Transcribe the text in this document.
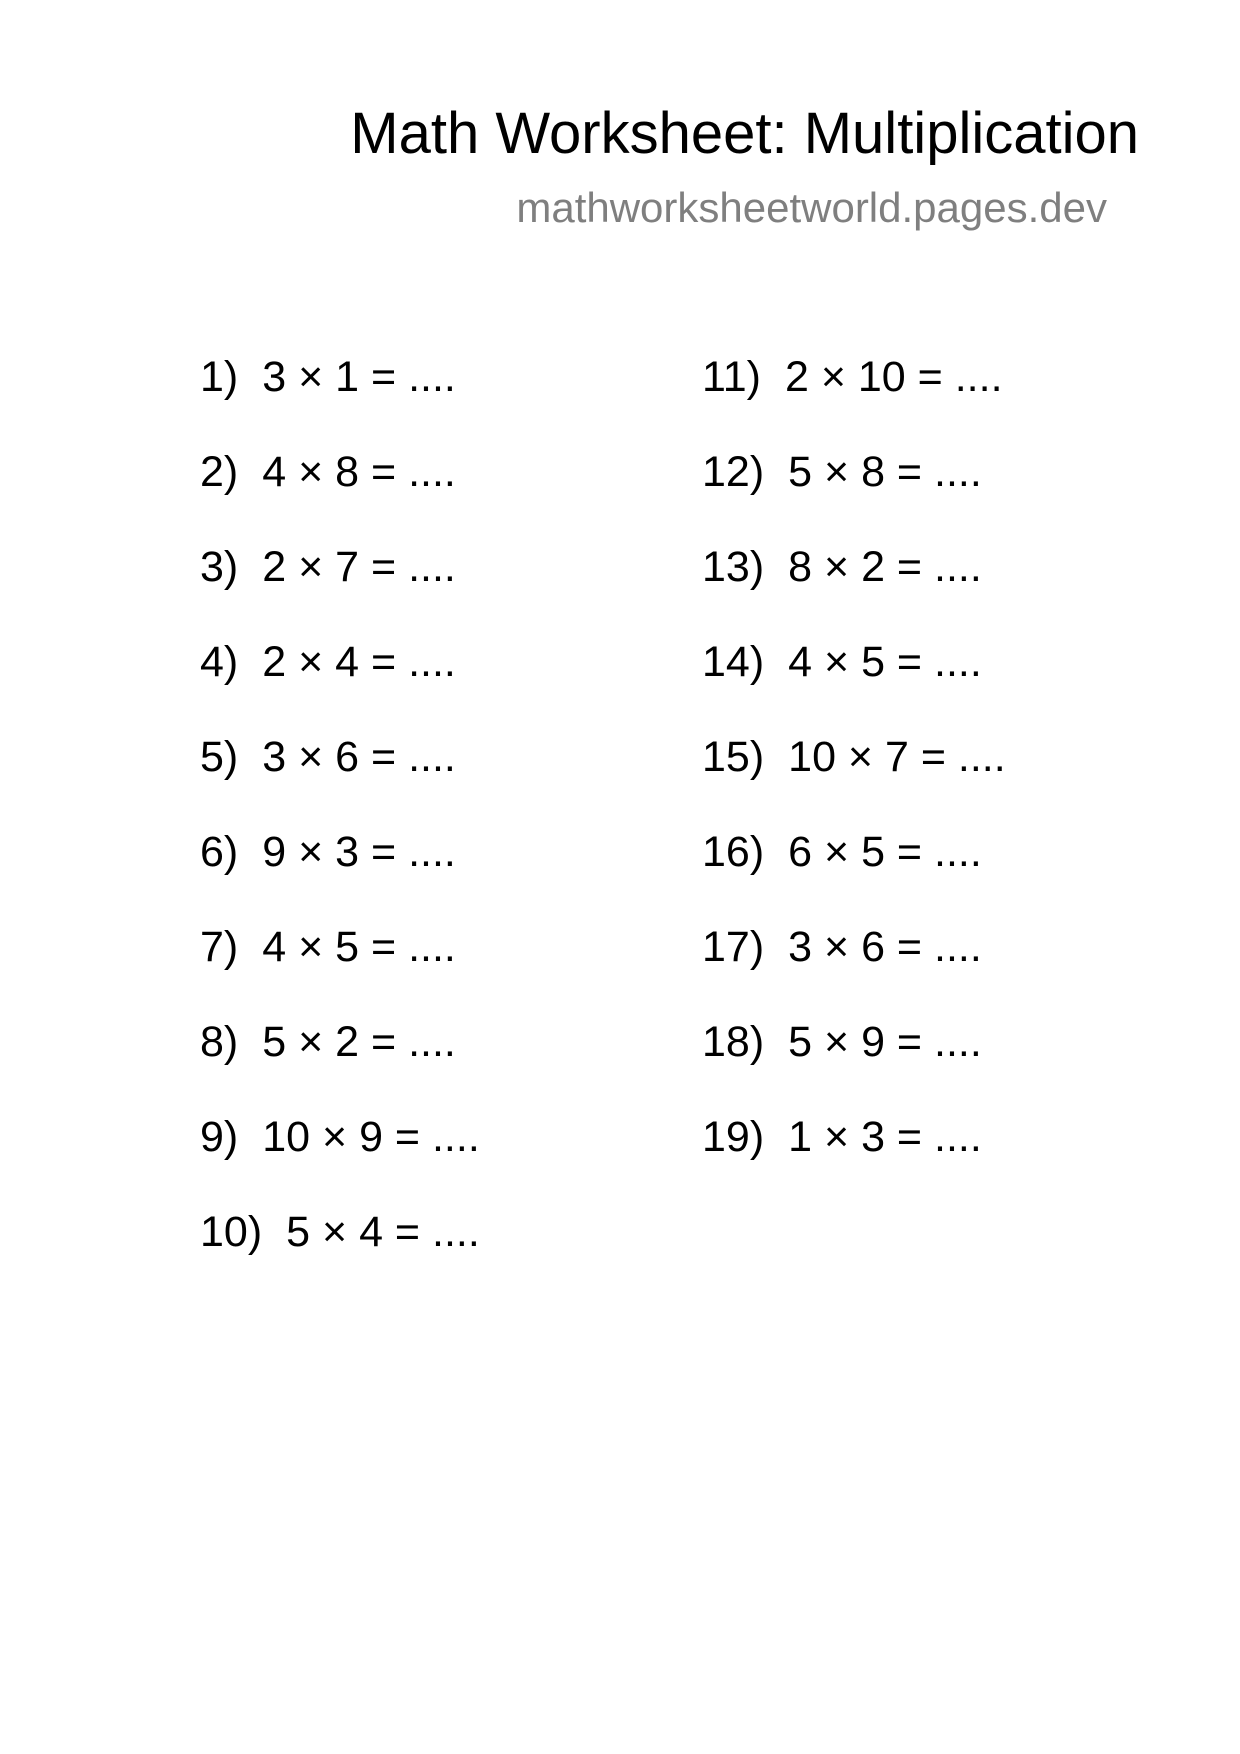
Math Worksheet: Multiplication
mathworksheetworld.pages.dev
1) 3 × 1 = ....
2) 4 × 8 = ....
3) 2 × 7 = ....
4) 2 × 4 = ....
5) 3 × 6 = ....
6) 9 × 3 = ....
7) 4 × 5 = ....
8) 5 × 2 = ....
9) 10 × 9 = ....
10) 5 × 4 = ....
11) 2 × 10 = ....
12) 5 × 8 = ....
13) 8 × 2 = ....
14) 4 × 5 = ....
15) 10 × 7 = ....
16) 6 × 5 = ....
17) 3 × 6 = ....
18) 5 × 9 = ....
19) 1 × 3 = ....
